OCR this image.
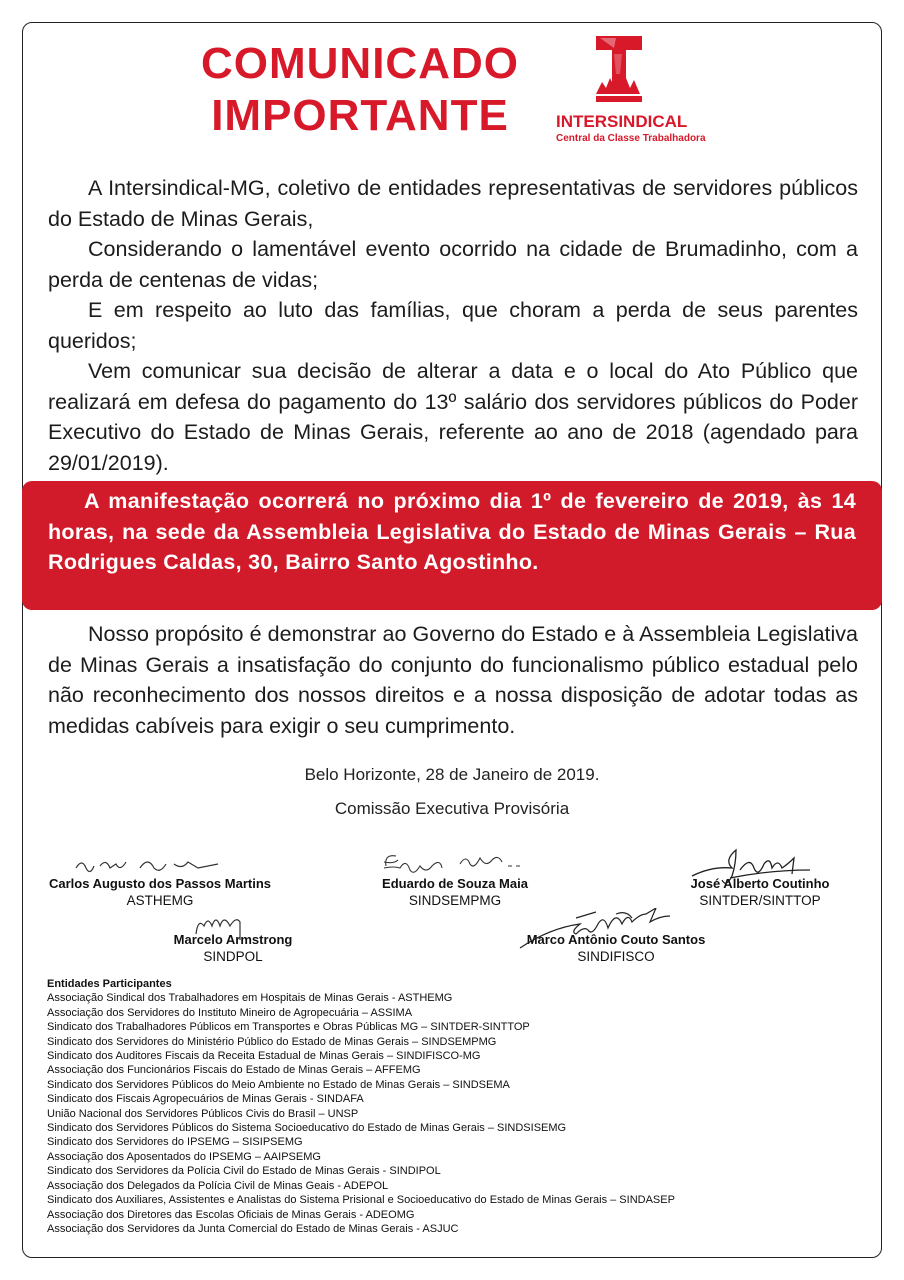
COMUNICADO
IMPORTANTE	INTERSINDICAL
Central da Classe Trabalhadora

A Intersindical-MG, coletivo de entidades representativas de servidores públicos do Estado de Minas Gerais,

Considerando o lamentável evento ocorrido na cidade de Brumadinho, com a perda de centenas de vidas;

E em respeito ao luto das famílias, que choram a perda de seus parentes queridos;

Vem comunicar sua decisão de alterar a data e o local do Ato Público que realizará em defesa do pagamento do 13º salário dos servidores públicos do Poder Executivo do Estado de Minas Gerais, referente ao ano de 2018 (agendado para 29/01/2019).

A manifestação ocorrerá no próximo dia 1º de fevereiro de 2019, às 14 horas, na sede da Assembleia Legislativa do Estado de Minas Gerais – Rua Rodrigues Caldas, 30, Bairro Santo Agostinho.

Nosso propósito é demonstrar ao Governo do Estado e à Assembleia Legislativa de Minas Gerais a insatisfação do conjunto do funcionalismo público estadual pelo não reconhecimento dos nossos direitos e a nossa disposição de adotar todas as medidas cabíveis para exigir o seu cumprimento.

Belo Horizonte, 28 de Janeiro de 2019.
Comissão Executiva Provisória
Carlos Augusto dos Passos Martins
ASTHEMG
Eduardo de Souza Maia
SINDSEMPMG
José Alberto Coutinho
SINTDER/SINTTOP
Marcelo Armstrong
SINDPOL
Marco Antônio Couto Santos
SINDIFISCO
Entidades Participantes
Associação Sindical dos Trabalhadores em Hospitais de Minas Gerais - ASTHEMG
Associação dos Servidores do Instituto Mineiro de Agropecuária – ASSIMA
Sindicato dos Trabalhadores Públicos em Transportes e Obras Públicas MG – SINTDER-SINTTOP
Sindicato dos Servidores do Ministério Público do Estado de Minas Gerais – SINDSEMPMG
Sindicato dos Auditores Fiscais da Receita Estadual de Minas Gerais – SINDIFISCO-MG
Associação dos Funcionários Fiscais do Estado de Minas Gerais – AFFEMG
Sindicato dos Servidores Públicos do Meio Ambiente no Estado de Minas Gerais – SINDSEMA
Sindicato dos Fiscais Agropecuários de Minas Gerais - SINDAFA
União Nacional dos Servidores Públicos Civis do Brasil – UNSP
Sindicato dos Servidores Públicos do Sistema Socioeducativo do Estado de Minas Gerais – SINDSISEMG
Sindicato dos Servidores do IPSEMG – SISIPSEMG
Associação dos Aposentados do IPSEMG – AAIPSEMG
Sindicato dos Servidores da Polícia Civil do Estado de Minas Gerais - SINDIPOL
Associação dos Delegados da Polícia Civil de Minas Geais - ADEPOL
Sindicato dos Auxiliares, Assistentes e Analistas do Sistema Prisional e Socioeducativo do Estado de Minas Gerais – SINDASEP
Associação dos Diretores das Escolas Oficiais de Minas Gerais - ADEOMG
Associação dos Servidores da Junta Comercial do Estado de Minas Gerais - ASJUC
